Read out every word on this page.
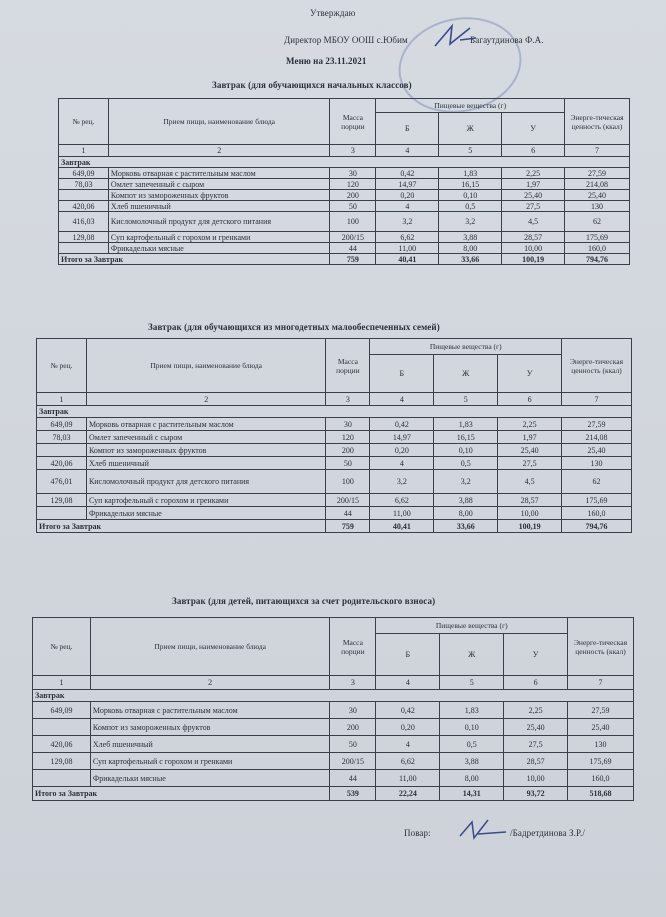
Утверждаю
Директор МБОУ ООШ с.Юбим	Багаутдинова Ф.А.
Меню на 23.11.2021
Завтрак (для обучающихся начальных классов)
№ рец.	Прием пищи, наименование блюда	Масса порции	Пищевые вещества (г)			Энерге-тическая ценность (ккал)
			Б	Ж	У	
1	2	3	4	5	6	7
Завтрак						
649,09	Морковь отварная с растительным маслом	30	0,42	1,83	2,25	27,59
78,03	Омлет запеченный с сыром	120	14,97	16,15	1,97	214,08
	Компот из замороженных фруктов	200	0,20	0,10	25,40	25,40
420,06	Хлеб пшеничный	50	4	0,5	27,5	130
416,03	Кисломолочный продукт для детского питания	100	3,2	3,2	4,5	62
129,08	Суп картофельный с горохом и гренками	200/15	6,62	3,88	28,57	175,69
	Фрикадельки мясные	44	11,00	8,00	10,00	160,0
Итого за Завтрак		759	40,41	33,66	100,19	794,76
Завтрак (для обучающихся из многодетных малообеспеченных семей)
№ рец.	Прием пищи, наименование блюда	Масса порции	Пищевые вещества (г)			Энерге-тическая ценность (ккал)
			Б	Ж	У	
1	2	3	4	5	6	7
Завтрак						
649,09	Морковь отварная с растительным маслом	30	0,42	1,83	2,25	27,59
78,03	Омлет запеченный с сыром	120	14,97	16,15	1,97	214,08
	Компот из замороженных фруктов	200	0,20	0,10	25,40	25,40
420,06	Хлеб пшеничный	50	4	0,5	27,5	130
476,01	Кисломолочный продукт для детского питания	100	3,2	3,2	4,5	62
129,08	Суп картофельный с горохом и гренками	200/15	6,62	3,88	28,57	175,69
	Фрикадельки мясные	44	11,00	8,00	10,00	160,0
Итого за Завтрак		759	40,41	33,66	100,19	794,76
Завтрак (для детей, питающихся за счет родительского взноса)
№ рец.	Прием пищи, наименование блюда	Масса порции	Пищевые вещества (г)			Энерге-тическая ценность (ккал)
			Б	Ж	У	
1	2	3	4	5	6	7
Завтрак						
649,09	Морковь отварная с растительным маслом	30	0,42	1,83	2,25	27,59
	Компот из замороженных фруктов	200	0,20	0,10	25,40	25,40
420,06	Хлеб пшеничный	50	4	0,5	27,5	130
129,08	Суп картофельный с горохом и гренками	200/15	6,62	3,88	28,57	175,69
	Фрикадельки мясные	44	11,00	8,00	10,00	160,0
Итого за Завтрак		539	22,24	14,31	93,72	518,68
Повар:	/Бадретдинова З.Р./
